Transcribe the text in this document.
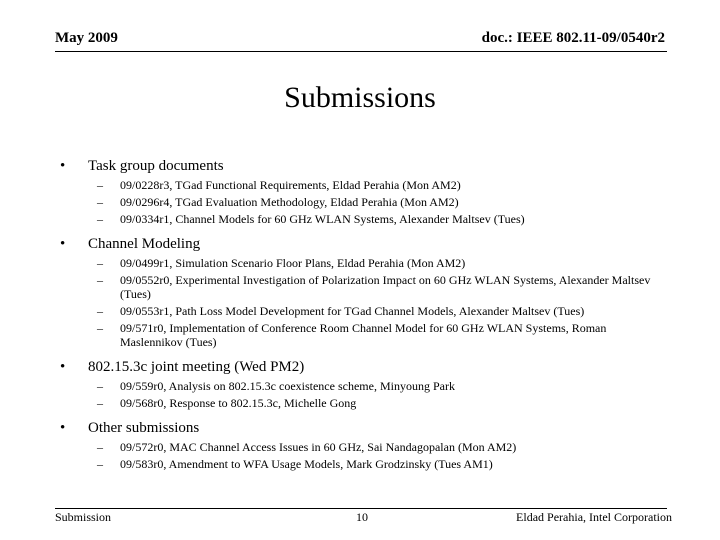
May 2009	doc.: IEEE 802.11-09/0540r2
Submissions
• Task group documents
– 09/0228r3, TGad Functional Requirements, Eldad Perahia (Mon AM2)
– 09/0296r4, TGad Evaluation Methodology, Eldad Perahia (Mon AM2)
– 09/0334r1, Channel Models for 60 GHz WLAN Systems, Alexander Maltsev (Tues)
• Channel Modeling
– 09/0499r1, Simulation Scenario Floor Plans, Eldad Perahia (Mon AM2)
– 09/0552r0, Experimental Investigation of Polarization Impact on 60 GHz WLAN Systems, Alexander Maltsev (Tues)
– 09/0553r1, Path Loss Model Development for TGad Channel Models, Alexander Maltsev (Tues)
– 09/571r0, Implementation of Conference Room Channel Model for 60 GHz WLAN Systems, Roman Maslennikov (Tues)
• 802.15.3c joint meeting (Wed PM2)
– 09/559r0, Analysis on 802.15.3c coexistence scheme, Minyoung Park
– 09/568r0, Response to 802.15.3c, Michelle Gong
• Other submissions
– 09/572r0, MAC Channel Access Issues in 60 GHz, Sai Nandagopalan (Mon AM2)
– 09/583r0, Amendment to WFA Usage Models, Mark Grodzinsky (Tues AM1)
Submission	10	Eldad Perahia, Intel Corporation
